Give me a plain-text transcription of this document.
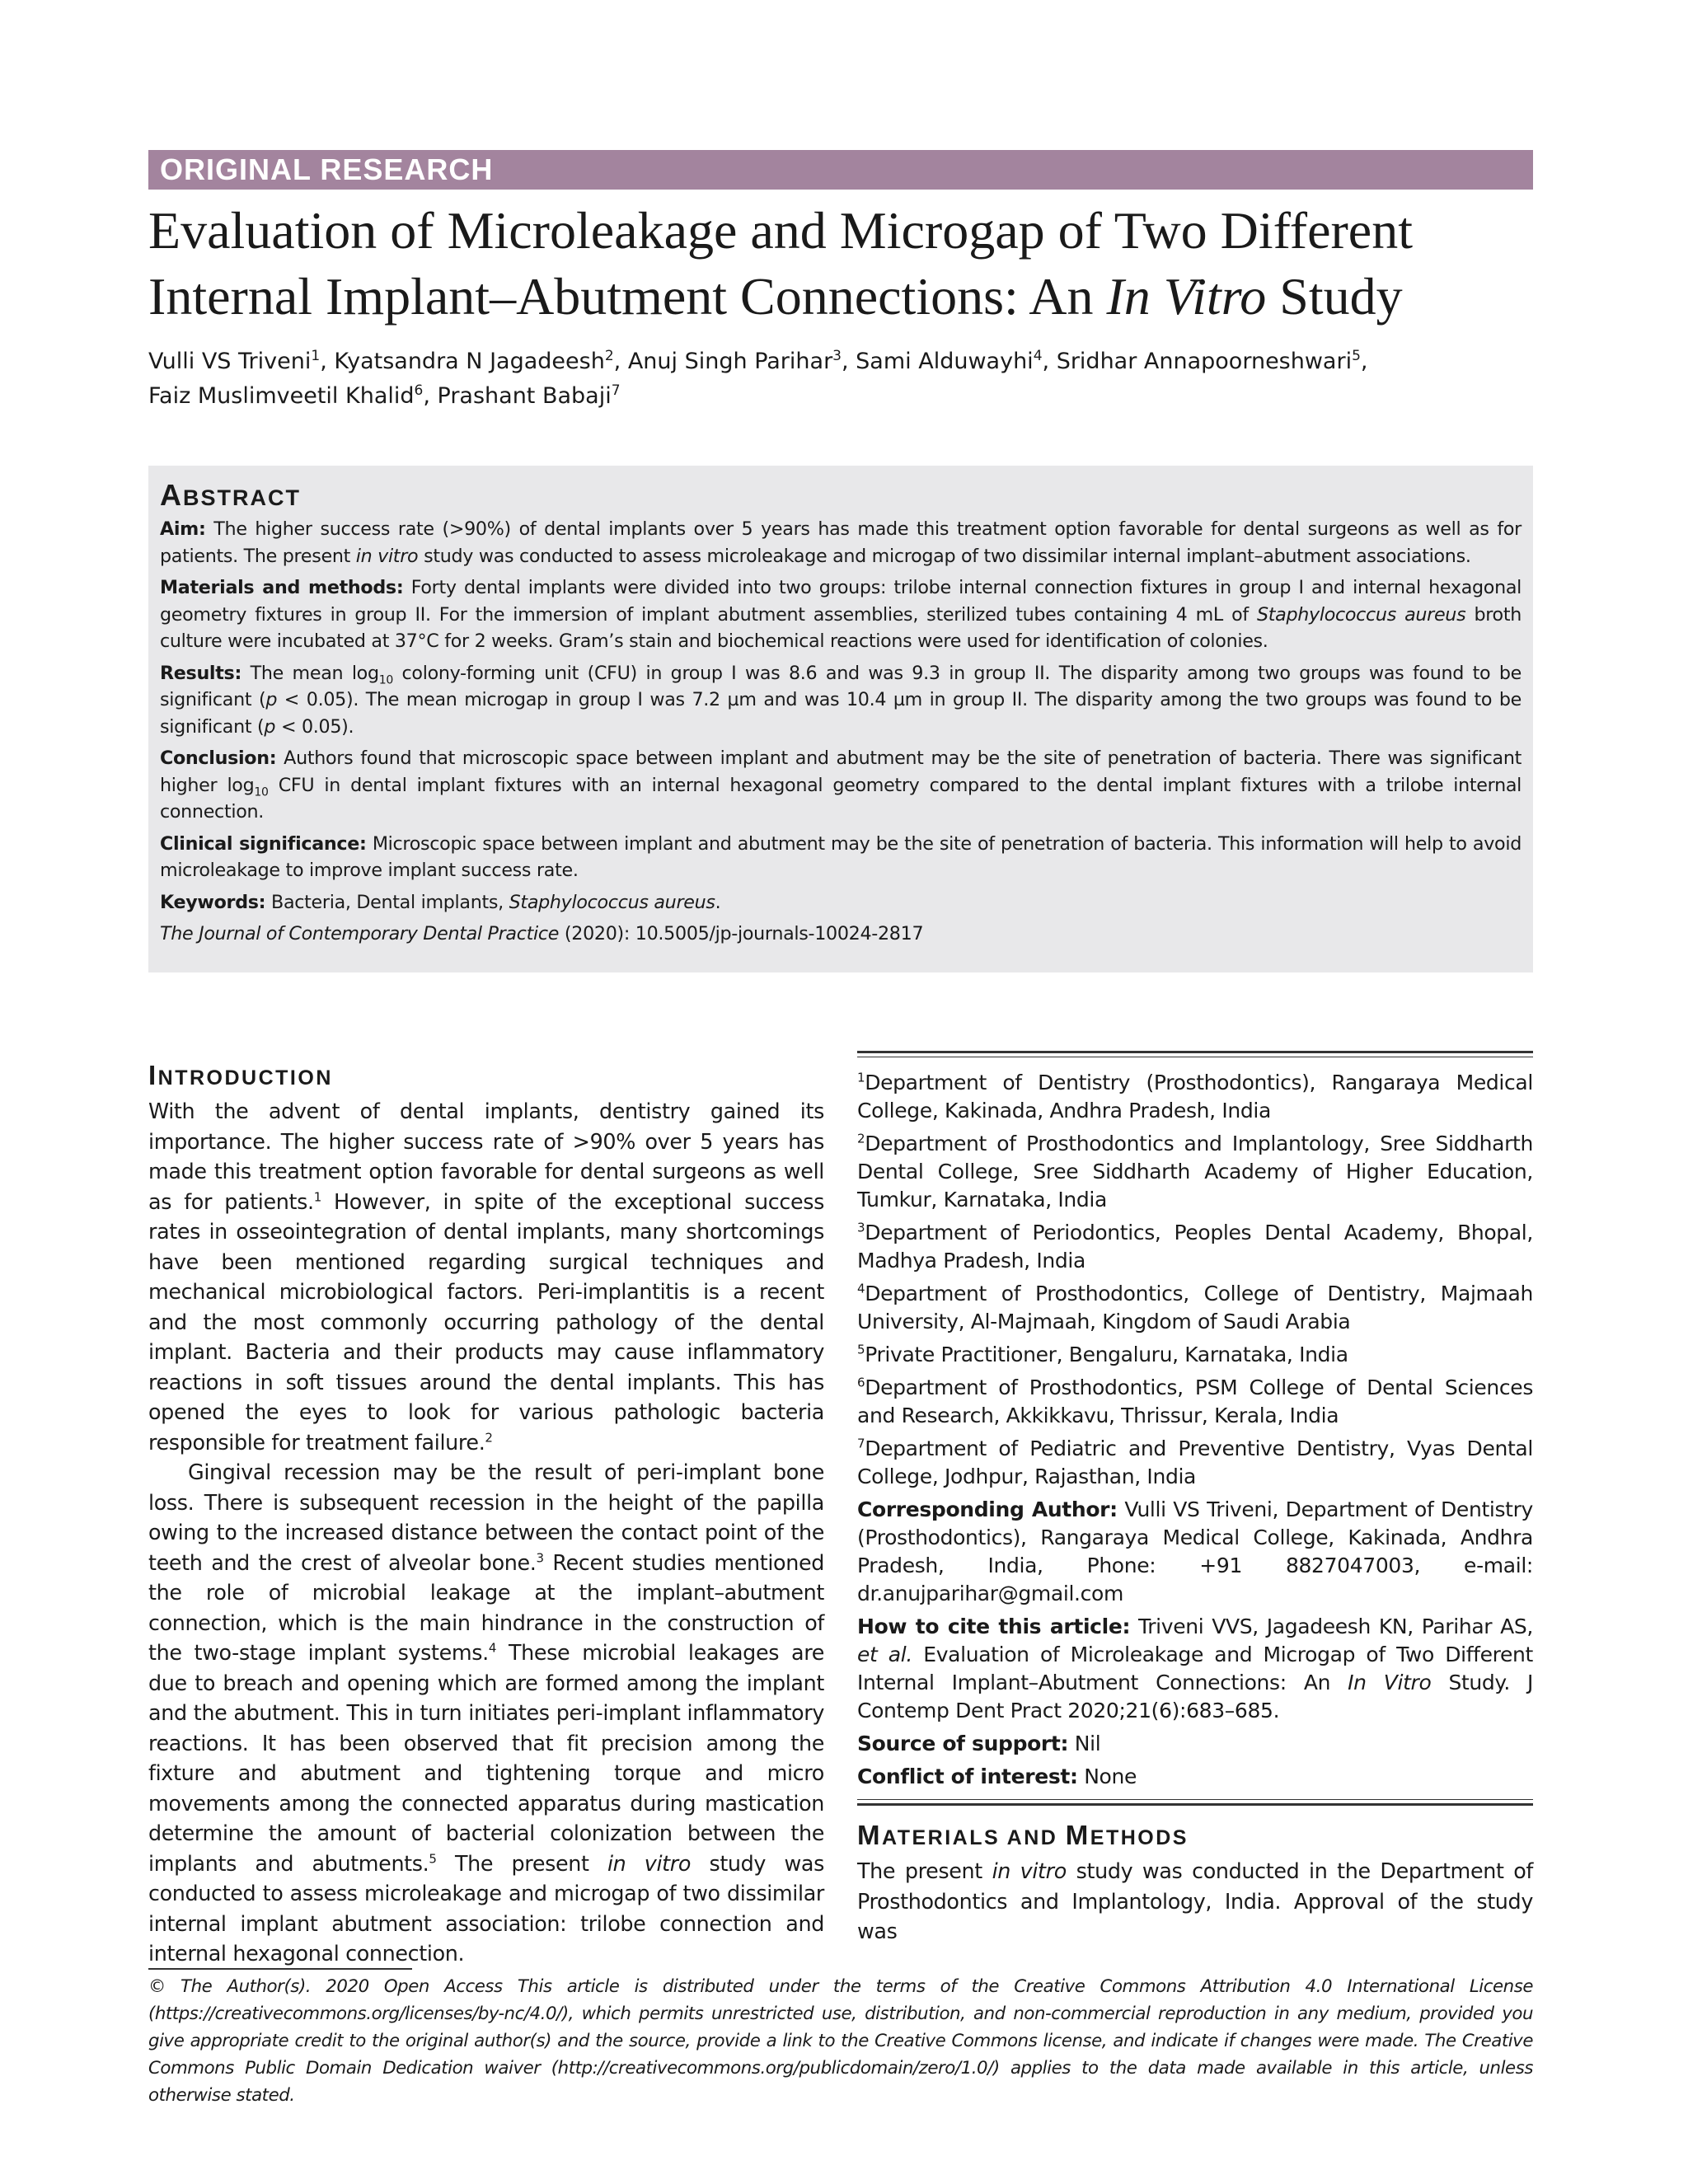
ORIGINAL RESEARCH
Evaluation of Microleakage and Microgap of Two Different Internal Implant–Abutment Connections: An In Vitro Study
Vulli VS Triveni$^1$, Kyatsandra N Jagadeesh$^2$, Anuj Singh Parihar$^3$, Sami Alduwayhi$^4$, Sridhar Annapoorneshwari$^5$,
Faiz Muslimveetil Khalid$^6$, Prashant Babaji$^7$
ABSTRACT

Aim: The higher success rate (>90%) of dental implants over 5 years has made this treatment option favorable for dental surgeons as well as for patients. The present in vitro study was conducted to assess microleakage and microgap of two dissimilar internal implant–abutment associations.

Materials and methods: Forty dental implants were divided into two groups: trilobe internal connection fixtures in group I and internal hexagonal geometry fixtures in group II. For the immersion of implant abutment assemblies, sterilized tubes containing 4 mL of Staphylococcus aureus broth culture were incubated at 37°C for 2 weeks. Gram’s stain and biochemical reactions were used for identification of colonies.

Results: The mean $\log_{10}$ colony-forming unit (CFU) in group I was 8.6 and was 9.3 in group II. The disparity among two groups was found to be significant (p < 0.05). The mean microgap in group I was 7.2 µm and was 10.4 µm in group II. The disparity among the two groups was found to be significant (p < 0.05).

Conclusion: Authors found that microscopic space between implant and abutment may be the site of penetration of bacteria. There was significant higher $\log_{10}$ CFU in dental implant fixtures with an internal hexagonal geometry compared to the dental implant fixtures with a trilobe internal connection.

Clinical significance: Microscopic space between implant and abutment may be the site of penetration of bacteria. This information will help to avoid microleakage to improve implant success rate.

Keywords: Bacteria, Dental implants, Staphylococcus aureus.

The Journal of Contemporary Dental Practice (2020): 10.5005/jp-journals-10024-2817

INTRODUCTION

With the advent of dental implants, dentistry gained its importance. The higher success rate of >90% over 5 years has made this treatment option favorable for dental surgeons as well as for patients.$^1$ However, in spite of the exceptional success rates in osseointegration of dental implants, many shortcomings have been mentioned regarding surgical techniques and mechanical microbiological factors. Peri-implantitis is a recent and the most commonly occurring pathology of the dental implant. Bacteria and their products may cause inflammatory reactions in soft tissues around the dental implants. This has opened the eyes to look for various pathologic bacteria responsible for treatment failure.$^2$

Gingival recession may be the result of peri-implant bone loss. There is subsequent recession in the height of the papilla owing to the increased distance between the contact point of the teeth and the crest of alveolar bone.$^3$ Recent studies mentioned the role of microbial leakage at the implant–abutment connection, which is the main hindrance in the construction of the two-stage implant systems.$^4$ These microbial leakages are due to breach and opening which are formed among the implant and the abutment. This in turn initiates peri-implant inflammatory reactions. It has been observed that fit precision among the fixture and abutment and tightening torque and micro movements among the connected apparatus during mastication determine the amount of bacterial colonization between the implants and abutments.$^5$ The present in vitro study was conducted to assess microleakage and microgap of two dissimilar internal implant abutment association: trilobe connection and internal hexagonal connection.

$^1$Department of Dentistry (Prosthodontics), Rangaraya Medical College, Kakinada, Andhra Pradesh, India

$^2$Department of Prosthodontics and Implantology, Sree Siddharth Dental College, Sree Siddharth Academy of Higher Education, Tumkur, Karnataka, India

$^3$Department of Periodontics, Peoples Dental Academy, Bhopal, Madhya Pradesh, India

$^4$Department of Prosthodontics, College of Dentistry, Majmaah University, Al-Majmaah, Kingdom of Saudi Arabia

$^5$Private Practitioner, Bengaluru, Karnataka, India

$^6$Department of Prosthodontics, PSM College of Dental Sciences and Research, Akkikkavu, Thrissur, Kerala, India

$^7$Department of Pediatric and Preventive Dentistry, Vyas Dental College, Jodhpur, Rajasthan, India

Corresponding Author: Vulli VS Triveni, Department of Dentistry (Prosthodontics), Rangaraya Medical College, Kakinada, Andhra Pradesh, India, Phone: +91 8827047003, e-mail: dr.anujparihar@gmail.com

How to cite this article: Triveni VVS, Jagadeesh KN, Parihar AS, et al. Evaluation of Microleakage and Microgap of Two Different Internal Implant–Abutment Connections: An In Vitro Study. J Contemp Dent Pract 2020;21(6):683–685.

Source of support: Nil

Conflict of interest: None

MATERIALS AND METHODS

The present in vitro study was conducted in the Department of Prosthodontics and Implantology, India. Approval of the study was

© The Author(s). 2020 Open Access This article is distributed under the terms of the Creative Commons Attribution 4.0 International License (https://creativecommons.org/licenses/by-nc/4.0/), which permits unrestricted use, distribution, and non-commercial reproduction in any medium, provided you give appropriate credit to the original author(s) and the source, provide a link to the Creative Commons license, and indicate if changes were made. The Creative Commons Public Domain Dedication waiver (http://creativecommons.org/publicdomain/zero/1.0/) applies to the data made available in this article, unless otherwise stated.
